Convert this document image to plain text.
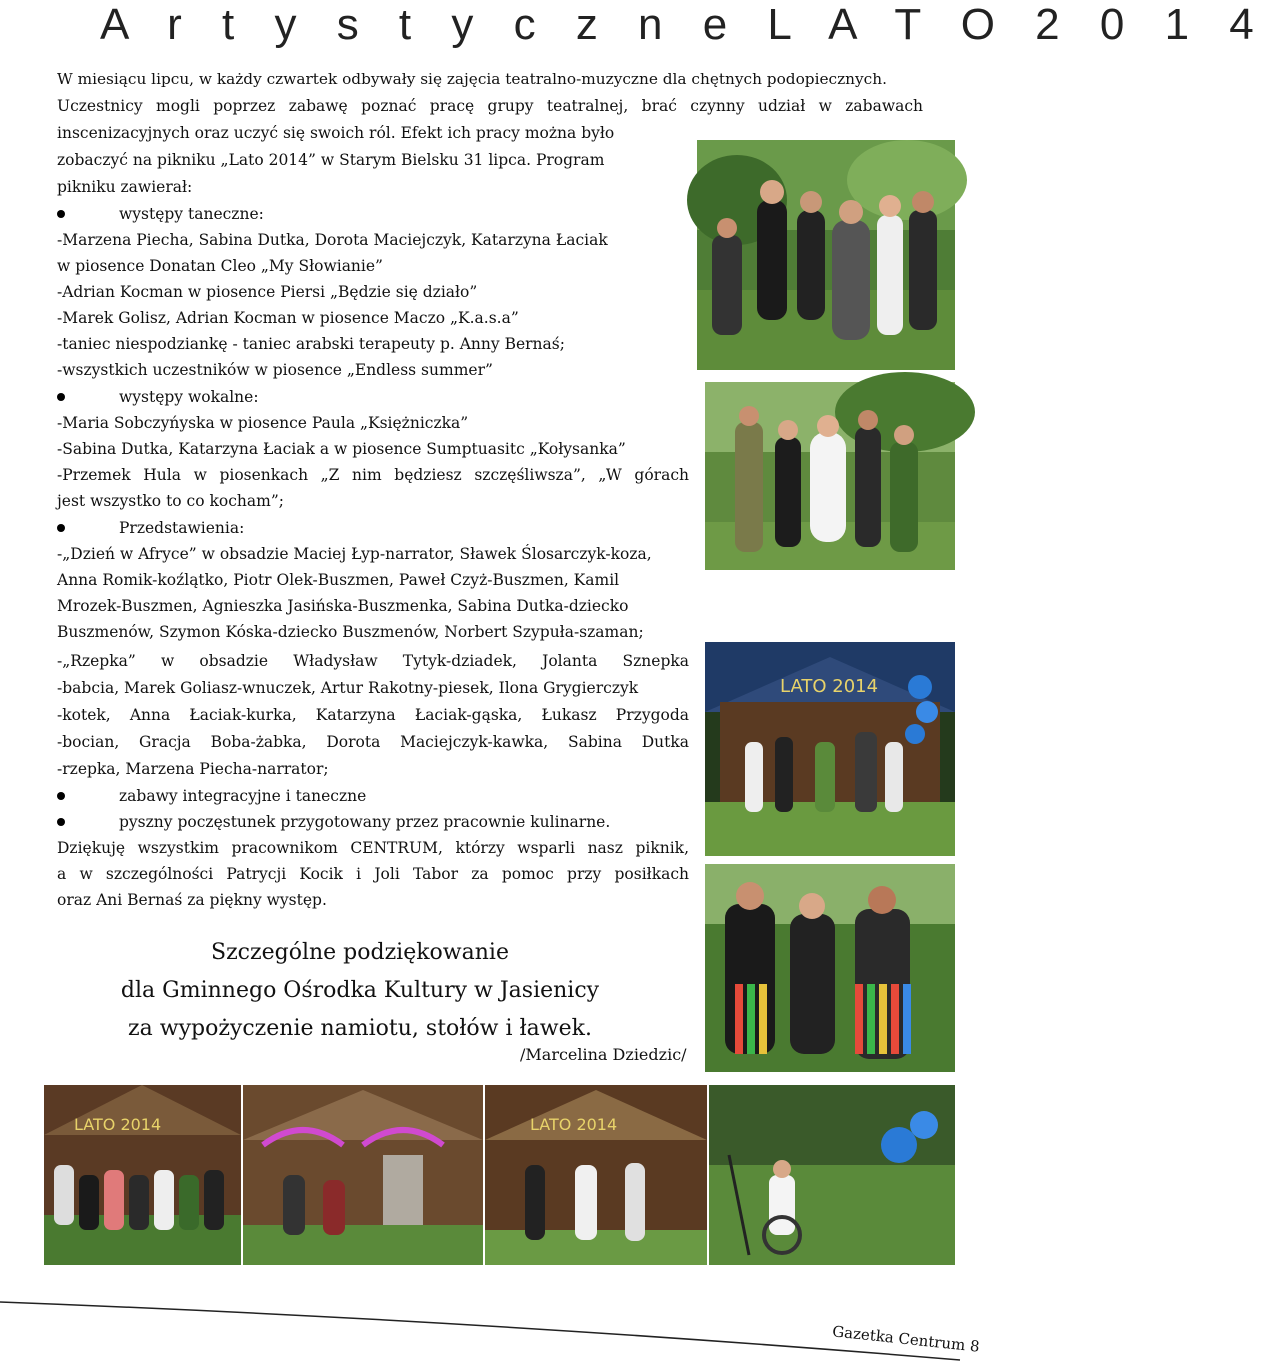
A r t y s t y c z n e L A T O 2 0 1 4
W miesiącu lipcu, w każdy czwartek odbywały się zajęcia teatralno-muzyczne dla chętnych podopiecznych.
Uczestnicy mogli poprzez zabawę poznać pracę grupy teatralnej, brać czynny udział w zabawach
inscenizacyjnych oraz uczyć się swoich ról. Efekt ich pracy można było
zobaczyć na pikniku „Lato 2014” w Starym Bielsku 31 lipca. Program
pikniku zawierał:
występy taneczne:
-Marzena Piecha, Sabina Dutka, Dorota Maciejczyk, Katarzyna Łaciak
w piosence Donatan Cleo „My Słowianie”
-Adrian Kocman w piosence Piersi „Będzie się działo”
-Marek Golisz, Adrian Kocman w piosence Maczo „K.a.s.a”
-taniec niespodziankę - taniec arabski terapeuty p. Anny Bernaś;
-wszystkich uczestników w piosence „Endless summer”
występy wokalne:
-Maria Sobczyńyska w piosence Paula „Księżniczka”
-Sabina Dutka, Katarzyna Łaciak a w piosence Sumptuasitc „Kołysanka”
-Przemek Hula w piosenkach „Z nim będziesz szczęśliwsza”, „W górach
jest wszystko to co kocham”;
Przedstawienia:
-„Dzień w Afryce” w obsadzie Maciej Łyp-narrator, Sławek Ślosarczyk-koza,
Anna Romik-koźlątko, Piotr Olek-Buszmen, Paweł Czyż-Buszmen, Kamil
Mrozek-Buszmen, Agnieszka Jasińska-Buszmenka, Sabina Dutka-dziecko
Buszmenów, Szymon Kóska-dziecko Buszmenów, Norbert Szypuła-szaman;
-„Rzepka” w obsadzie Władysław Tytyk-dziadek, Jolanta Sznepka
-babcia, Marek Goliasz-wnuczek, Artur Rakotny-piesek, Ilona Grygierczyk
-kotek, Anna Łaciak-kurka, Katarzyna Łaciak-gąska, Łukasz Przygoda
-bocian, Gracja Boba-żabka, Dorota Maciejczyk-kawka, Sabina Dutka
-rzepka, Marzena Piecha-narrator;
zabawy integracyjne i taneczne
pyszny poczęstunek przygotowany przez pracownie kulinarne.
Dziękuję wszystkim pracownikom CENTRUM, którzy wsparli nasz piknik,
a w szczególności Patrycji Kocik i Joli Tabor za pomoc przy posiłkach
oraz Ani Bernaś za piękny występ.
Szczególne podziękowanie
dla Gminnego Ośrodka Kultury w Jasienicy
za wypożyczenie namiotu, stołów i ławek.
/Marcelina Dziedzic/
LATO 2014
LATO 2014	LATO 2014
Gazetka Centrum 8
